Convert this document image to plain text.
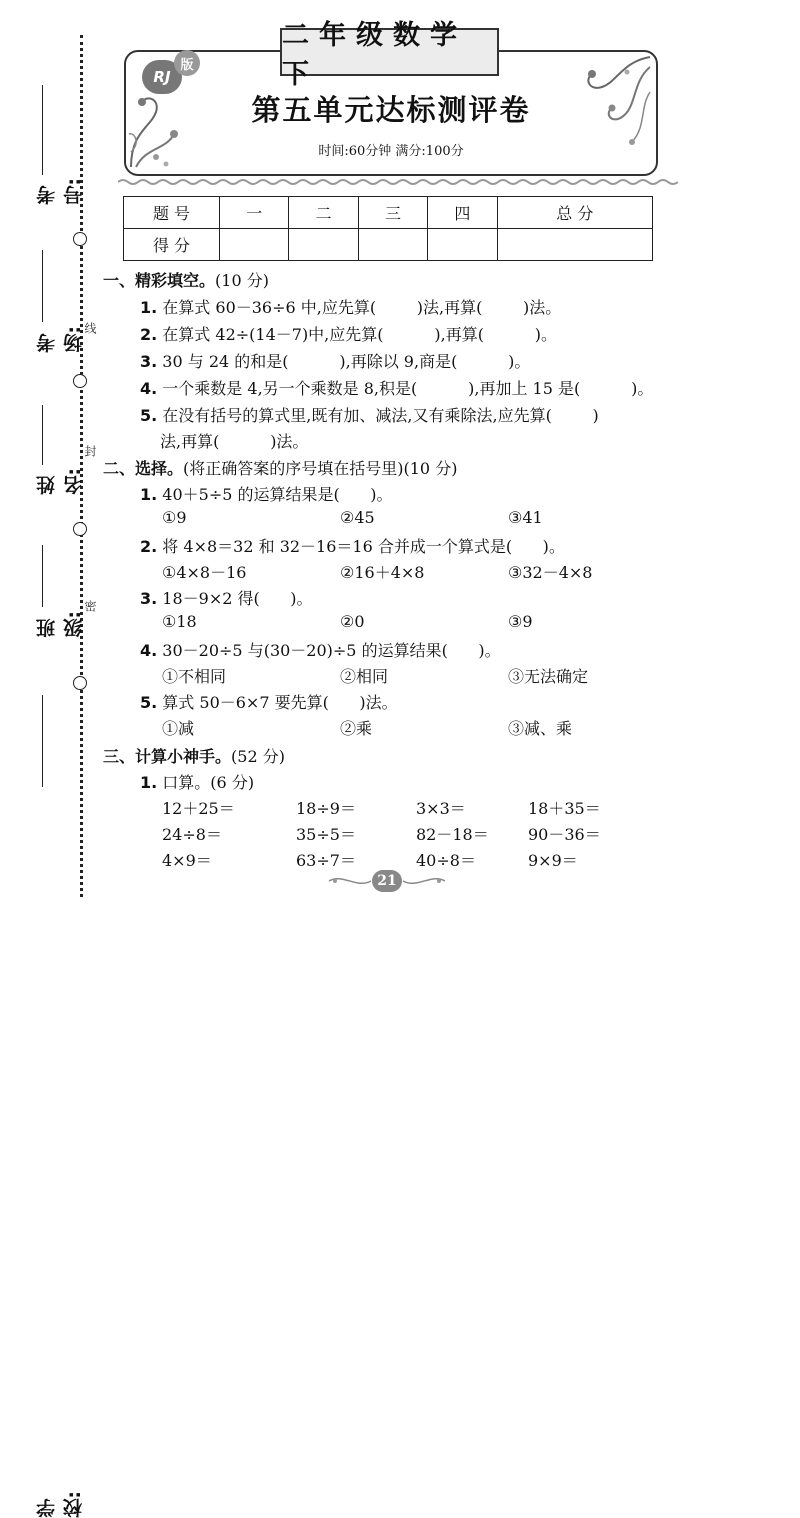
线
封
密
考号:
考场:
姓名:
班级:
学校:
二年级数学下
RJ
版
第五单元达标测评卷
时间:60分钟 满分:100分
题 号	一	二	三	四	总 分
得 分					
一、精彩填空。(10 分)
1. 在算式 60－36÷6 中,应先算(        )法,再算(        )法。
2. 在算式 42÷(14－7)中,应先算(          ),再算(          )。
3. 30 与 24 的和是(          ),再除以 9,商是(          )。
4. 一个乘数是 4,另一个乘数是 8,积是(          ),再加上 15 是(          )。
5. 在没有括号的算式里,既有加、减法,又有乘除法,应先算(        )
法,再算(          )法。
二、选择。(将正确答案的序号填在括号里)(10 分)
1. 40＋5÷5 的运算结果是(      )。
①9	②45	③41
2. 将 4×8＝32 和 32－16＝16 合并成一个算式是(      )。
①4×8－16	②16＋4×8	③32－4×8
3. 18－9×2 得(      )。
①18	②0	③9
4. 30－20÷5 与(30－20)÷5 的运算结果(      )。
①不相同	②相同	③无法确定
5. 算式 50－6×7 要先算(      )法。
①减	②乘	③减、乘
三、计算小神手。(52 分)
1. 口算。(6 分)
12＋25＝	18÷9＝	3×3＝	18＋35＝
24÷8＝	35÷5＝	82－18＝ 90－36＝
4×9＝	63÷7＝	40÷8＝	9×9＝
21
